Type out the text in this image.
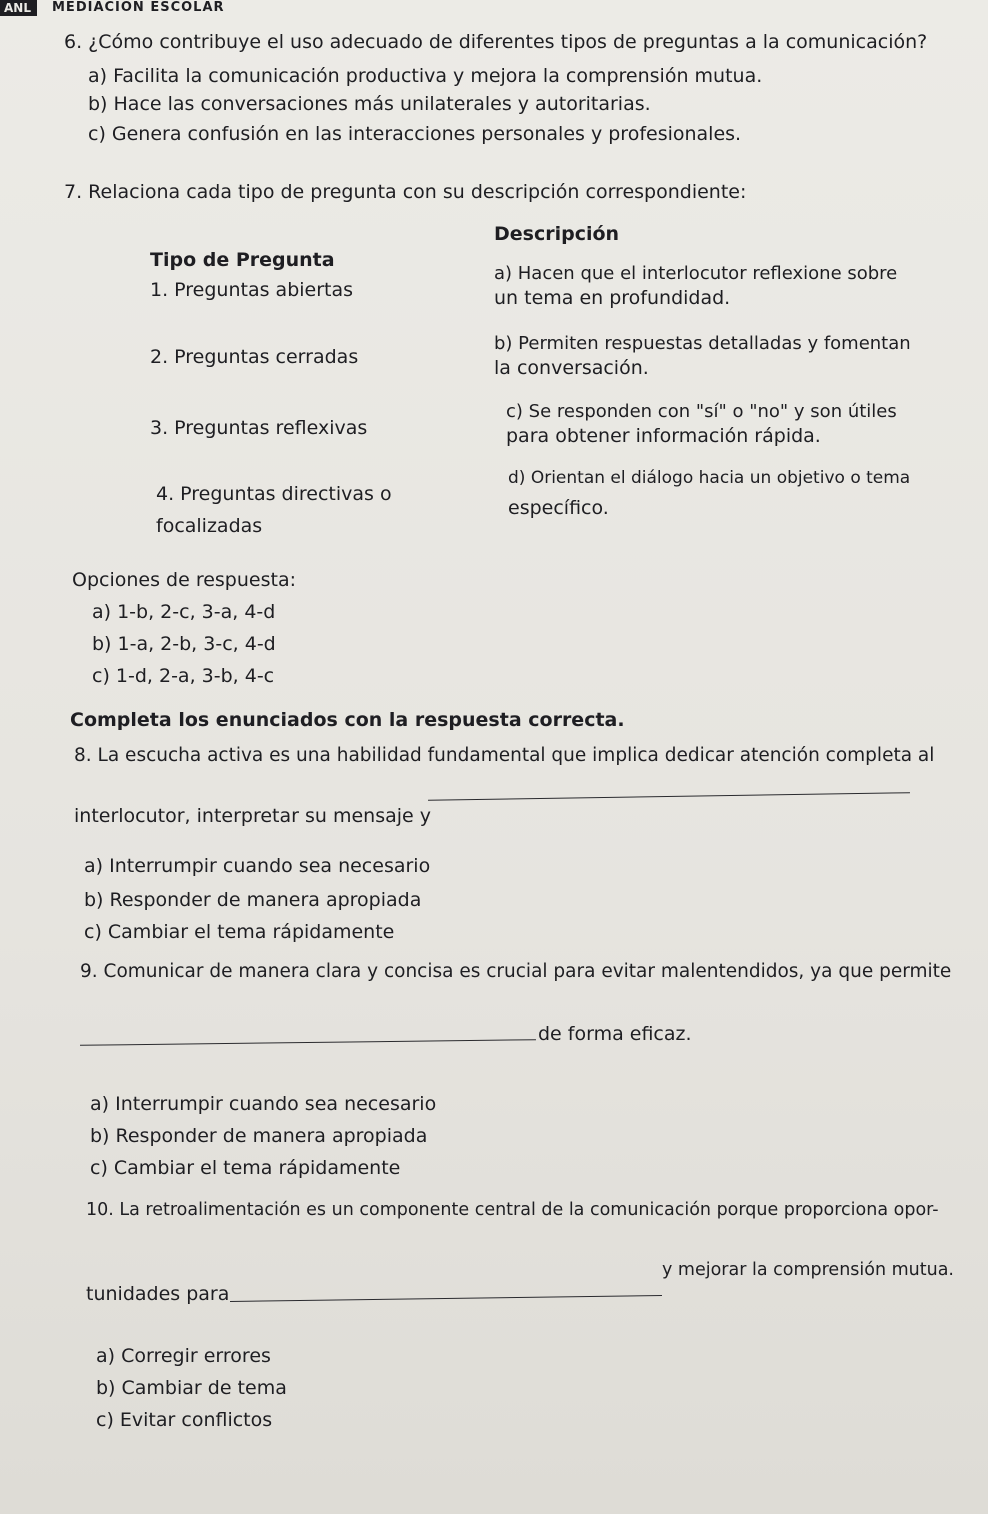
ANL	MEDIACIÓN ESCOLAR
6. ¿Cómo contribuye el uso adecuado de diferentes tipos de preguntas a la comunicación?
a) Facilita la comunicación productiva y mejora la comprensión mutua.
b) Hace las conversaciones más unilaterales y autoritarias.
c) Genera confusión en las interacciones personales y profesionales.
7. Relaciona cada tipo de pregunta con su descripción correspondiente:
Descripción
Tipo de Pregunta
1. Preguntas abiertas
2. Preguntas cerradas
3. Preguntas reflexivas
4. Preguntas directivas o
focalizadas
a) Hacen que el interlocutor reflexione sobre
un tema en profundidad.
b) Permiten respuestas detalladas y fomentan
la conversación.
c) Se responden con "sí" o "no" y son útiles
para obtener información rápida.
d) Orientan el diálogo hacia un objetivo o tema
específico.
Opciones de respuesta:
a) 1-b, 2-c, 3-a, 4-d
b) 1-a, 2-b, 3-c, 4-d
c) 1-d, 2-a, 3-b, 4-c
Completa los enunciados con la respuesta correcta.
8. La escucha activa es una habilidad fundamental que implica dedicar atención completa al
interlocutor, interpretar su mensaje y
a) Interrumpir cuando sea necesario
b) Responder de manera apropiada
c) Cambiar el tema rápidamente
9. Comunicar de manera clara y concisa es crucial para evitar malentendidos, ya que permite
de forma eficaz.
a) Interrumpir cuando sea necesario
b) Responder de manera apropiada
c) Cambiar el tema rápidamente
10. La retroalimentación es un componente central de la comunicación porque proporciona opor-
tunidades para
y mejorar la comprensión mutua.
a) Corregir errores
b) Cambiar de tema
c) Evitar conflictos
